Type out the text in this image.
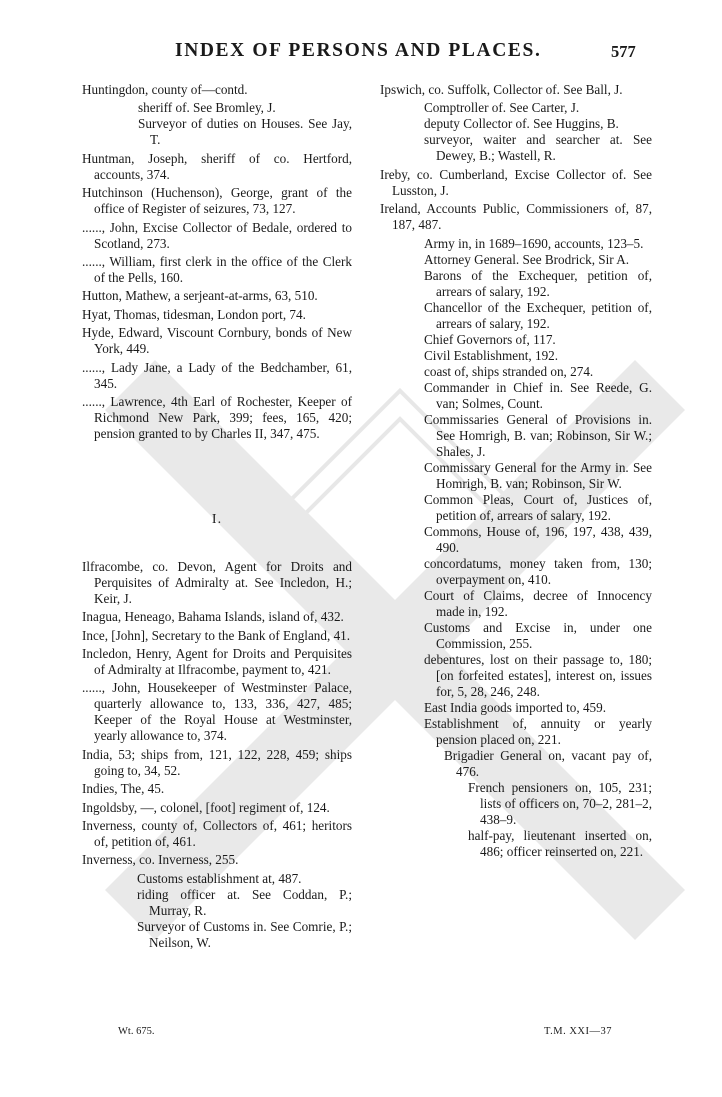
INDEX OF PERSONS AND PLACES.	577

Huntingdon, county of—contd.

sheriff of. See Bromley, J.

Surveyor of duties on Houses. See Jay, T.

Huntman, Joseph, sheriff of co. Hertford, accounts, 374.

Hutchinson (Huchenson), George, grant of the office of Register of seizures, 73, 127.

......, John, Excise Collector of Bedale, ordered to Scotland, 273.

......, William, first clerk in the office of the Clerk of the Pells, 160.

Hutton, Mathew, a serjeant-at-arms, 63, 510.

Hyat, Thomas, tidesman, London port, 74.

Hyde, Edward, Viscount Cornbury, bonds of New York, 449.

......, Lady Jane, a Lady of the Bedchamber, 61, 345.

......, Lawrence, 4th Earl of Rochester, Keeper of Richmond New Park, 399; fees, 165, 420; pension granted to by Charles II, 347, 475.

I.

Ilfracombe, co. Devon, Agent for Droits and Perquisites of Admiralty at. See Incledon, H.; Keir, J.

Inagua, Heneago, Bahama Islands, island of, 432.

Ince, [John], Secretary to the Bank of England, 41.

Incledon, Henry, Agent for Droits and Perquisites of Admiralty at Ilfracombe, payment to, 421.

......, John, Housekeeper of Westminster Palace, quarterly allowance to, 133, 336, 427, 485; Keeper of the Royal House at Westminster, yearly allowance to, 374.

India, 53; ships from, 121, 122, 228, 459; ships going to, 34, 52.

Indies, The, 45.

Ingoldsby, —, colonel, [foot] regiment of, 124.

Inverness, county of, Collectors of, 461; heritors of, petition of, 461.

Inverness, co. Inverness, 255.

Customs establishment at, 487.

riding officer at. See Coddan, P.; Murray, R.

Surveyor of Customs in. See Comrie, P.; Neilson, W.

Ipswich, co. Suffolk, Collector of. See Ball, J.

Comptroller of. See Carter, J.

deputy Collector of. See Huggins, B.

surveyor, waiter and searcher at. See Dewey, B.; Wastell, R.

Ireby, co. Cumberland, Excise Collector of. See Lusston, J.

Ireland, Accounts Public, Commissioners of, 87, 187, 487.

Army in, in 1689–1690, accounts, 123–5.

Attorney General. See Brodrick, Sir A.

Barons of the Exchequer, petition of, arrears of salary, 192.

Chancellor of the Exchequer, petition of, arrears of salary, 192.

Chief Governors of, 117.

Civil Establishment, 192.

coast of, ships stranded on, 274.

Commander in Chief in. See Reede, G. van; Solmes, Count.

Commissaries General of Provisions in. See Homrigh, B. van; Robinson, Sir W.; Shales, J.

Commissary General for the Army in. See Homrigh, B. van; Robinson, Sir W.

Common Pleas, Court of, Justices of, petition of, arrears of salary, 192.

Commons, House of, 196, 197, 438, 439, 490.

concordatums, money taken from, 130; overpayment on, 410.

Court of Claims, decree of Innocency made in, 192.

Customs and Excise in, under one Commission, 255.

debentures, lost on their passage to, 180; [on forfeited estates], interest on, issues for, 5, 28, 246, 248.

East India goods imported to, 459.

Establishment of, annuity or yearly pension placed on, 221.

Brigadier General on, vacant pay of, 476.

French pensioners on, 105, 231; lists of officers on, 70–2, 281–2, 438–9.

half-pay, lieutenant inserted on, 486; officer reinserted on, 221.

Wt. 675.	T.M. XXI—37
